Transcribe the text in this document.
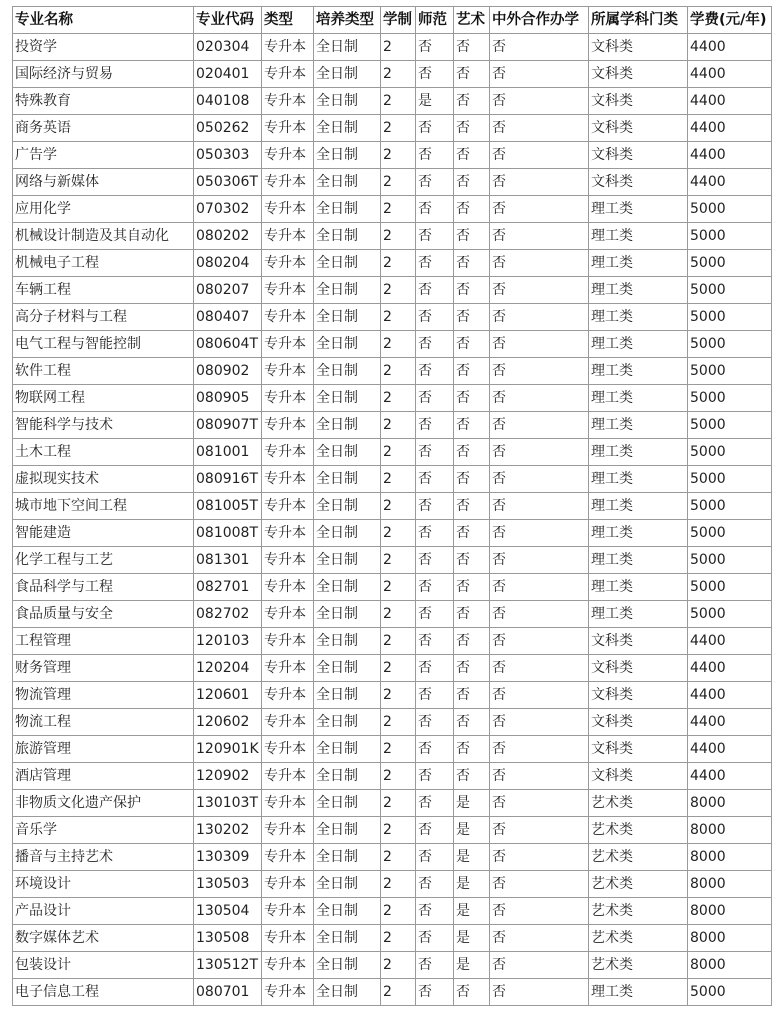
专业名称	专业代码	类型	培养类型	学制	师范	艺术	中外合作办学	所属学科门类	学费(元/年)
投资学	020304	专升本	全日制	2	否	否	否	文科类	4400
国际经济与贸易	020401	专升本	全日制	2	否	否	否	文科类	4400
特殊教育	040108	专升本	全日制	2	是	否	否	文科类	4400
商务英语	050262	专升本	全日制	2	否	否	否	文科类	4400
广告学	050303	专升本	全日制	2	否	否	否	文科类	4400
网络与新媒体	050306T	专升本	全日制	2	否	否	否	文科类	4400
应用化学	070302	专升本	全日制	2	否	否	否	理工类	5000
机械设计制造及其自动化	080202	专升本	全日制	2	否	否	否	理工类	5000
机械电子工程	080204	专升本	全日制	2	否	否	否	理工类	5000
车辆工程	080207	专升本	全日制	2	否	否	否	理工类	5000
高分子材料与工程	080407	专升本	全日制	2	否	否	否	理工类	5000
电气工程与智能控制	080604T	专升本	全日制	2	否	否	否	理工类	5000
软件工程	080902	专升本	全日制	2	否	否	否	理工类	5000
物联网工程	080905	专升本	全日制	2	否	否	否	理工类	5000
智能科学与技术	080907T	专升本	全日制	2	否	否	否	理工类	5000
土木工程	081001	专升本	全日制	2	否	否	否	理工类	5000
虚拟现实技术	080916T	专升本	全日制	2	否	否	否	理工类	5000
城市地下空间工程	081005T	专升本	全日制	2	否	否	否	理工类	5000
智能建造	081008T	专升本	全日制	2	否	否	否	理工类	5000
化学工程与工艺	081301	专升本	全日制	2	否	否	否	理工类	5000
食品科学与工程	082701	专升本	全日制	2	否	否	否	理工类	5000
食品质量与安全	082702	专升本	全日制	2	否	否	否	理工类	5000
工程管理	120103	专升本	全日制	2	否	否	否	文科类	4400
财务管理	120204	专升本	全日制	2	否	否	否	文科类	4400
物流管理	120601	专升本	全日制	2	否	否	否	文科类	4400
物流工程	120602	专升本	全日制	2	否	否	否	文科类	4400
旅游管理	120901K	专升本	全日制	2	否	否	否	文科类	4400
酒店管理	120902	专升本	全日制	2	否	否	否	文科类	4400
非物质文化遗产保护	130103T	专升本	全日制	2	否	是	否	艺术类	8000
音乐学	130202	专升本	全日制	2	否	是	否	艺术类	8000
播音与主持艺术	130309	专升本	全日制	2	否	是	否	艺术类	8000
环境设计	130503	专升本	全日制	2	否	是	否	艺术类	8000
产品设计	130504	专升本	全日制	2	否	是	否	艺术类	8000
数字媒体艺术	130508	专升本	全日制	2	否	是	否	艺术类	8000
包装设计	130512T	专升本	全日制	2	否	是	否	艺术类	8000
电子信息工程	080701	专升本	全日制	2	否	否	否	理工类	5000
